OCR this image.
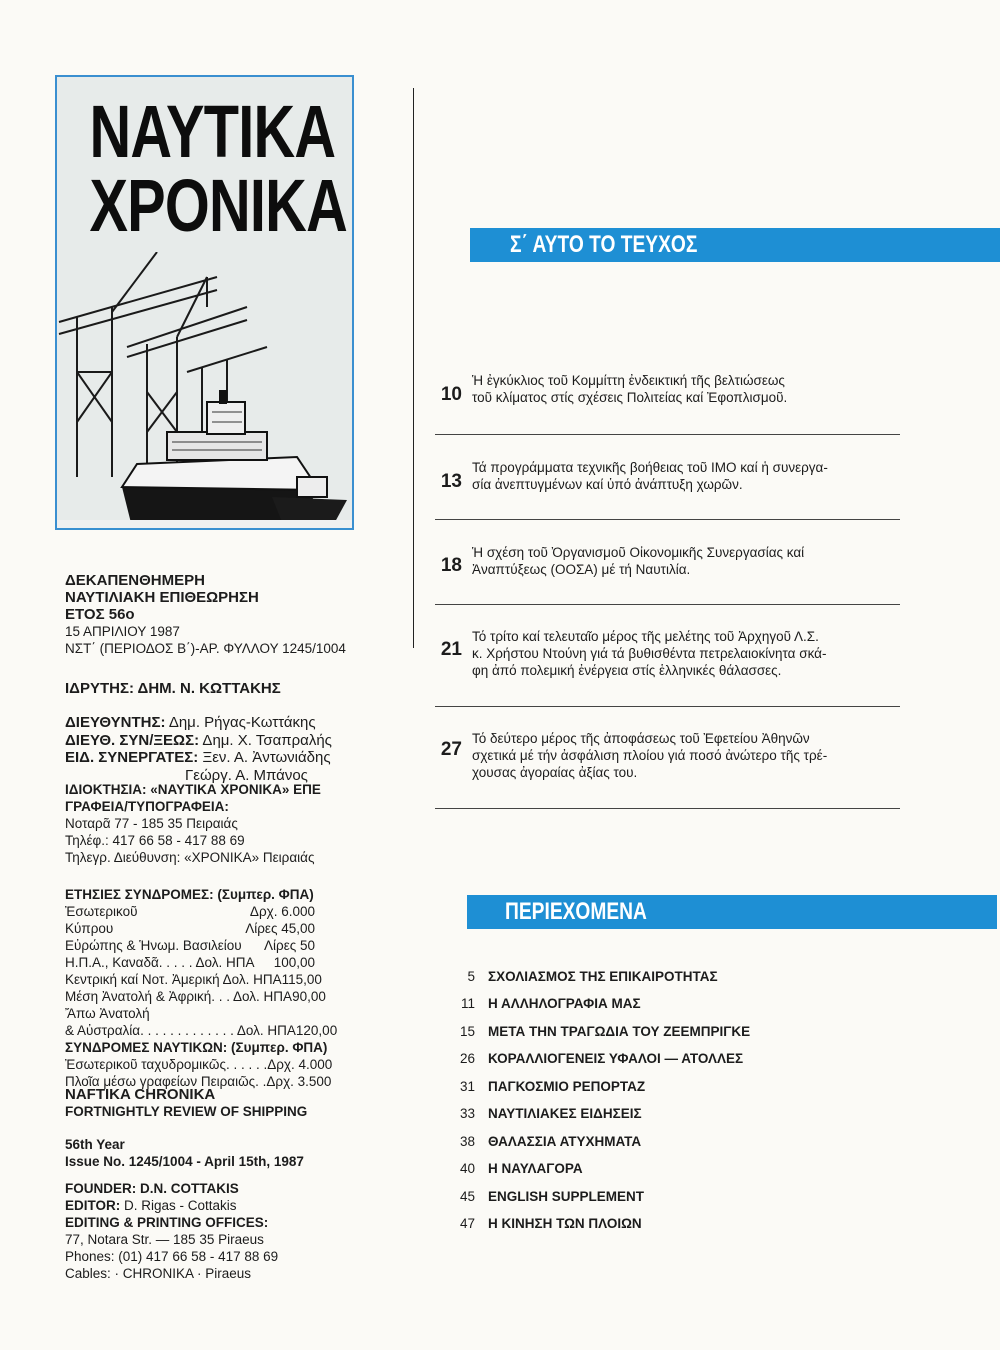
ΝΑΥΤΙΚΑ
ΧΡΟΝΙΚΑ
ΔΕΚΑΠΕΝΘΗΜΕΡΗ
ΝΑΥΤΙΛΙΑΚΗ ΕΠΙΘΕΩΡΗΣΗ
ΕΤΟΣ 56ο
15 ΑΠΡΙΛΙΟΥ 1987
ΝΣΤ΄ (ΠΕΡΙΟΔΟΣ Β΄)-ΑΡ. ΦΥΛΛΟΥ 1245/1004
ΙΔΡΥΤΗΣ: ΔΗΜ. Ν. ΚΩΤΤΑΚΗΣ
ΔΙΕΥΘΥΝΤΗΣ: Δημ. Ρήγας-Κωττάκης
ΔΙΕΥΘ. ΣΥΝ/ΞΕΩΣ: Δημ. Χ. Τσαπραλής
ΕΙΔ. ΣΥΝΕΡΓΑΤΕΣ: Ξεν. Α. Ἀντωνιάδης
Γεώργ. Α. Μπάνος
ΙΔΙΟΚΤΗΣΙΑ: «ΝΑΥΤΙΚΑ ΧΡΟΝΙΚΑ» ΕΠΕ
ΓΡΑΦΕΙΑ/ΤΥΠΟΓΡΑΦΕΙΑ:
Νοταρᾶ 77 - 185 35 Πειραιάς
Τηλέφ.: 417 66 58 - 417 88 69
Τηλεγρ. Διεύθυνση: «ΧΡΟΝΙΚΑ» Πειραιάς
ΕΤΗΣΙΕΣ ΣΥΝΔΡΟΜΕΣ: (Συμπερ. ΦΠΑ)
Ἐσωτερικοῦ	Δρχ. 6.000
Κύπρου	Λίρες 45,00
Εὐρώπης & Ἡνωμ. Βασιλείου Λίρες 50
Η.Π.Α., Καναδᾶ. . . . . Δολ. ΗΠΑ 100,00
Κεντρική καί Νοτ. Ἀμερική Δολ. ΗΠΑ 115,00
Μέση Ἀνατολή & Ἀφρική. . . Δολ. ΗΠΑ 90,00
Ἄπω Ἀνατολή
& Αὐστραλία. . . . . . . . . . . . . Δολ. ΗΠΑ 120,00
ΣΥΝΔΡΟΜΕΣ ΝΑΥΤΙΚΩΝ: (Συμπερ. ΦΠΑ)
Ἐσωτερικοῦ ταχυδρομικῶς. . . . . . Δρχ. 4.000
Πλοῖα μέσω γραφείων Πειραιῶς. . Δρχ. 3.500
NAFTIKA CHRONIKA
FORTNIGHTLY REVIEW OF SHIPPING
56th Year
Issue No. 1245/1004 - April 15th, 1987
FOUNDER: D.N. COTTAKIS
EDITOR: D. Rigas - Cottakis
EDITING & PRINTING OFFICES:
77, Notara Str. — 185 35 Piraeus
Phones: (01) 417 66 58 - 417 88 69
Cables: · CHRONIKA · Piraeus
Σ΄ ΑΥΤΟ ΤΟ ΤΕΥΧΟΣ
10
Ἡ ἐγκύκλιος τοῦ Κομμίττη ἐνδεικτική τῆς βελτιώσεως
τοῦ κλίματος στίς σχέσεις Πολιτείας καί Ἐφοπλισμοῦ.
13
Τά προγράμματα τεχνικῆς βοήθειας τοῦ ΙΜΟ καί ἡ συνεργα-
σία ἀνεπτυγμένων καί ὑπό ἀνάπτυξη χωρῶν.
18
Ἡ σχέση τοῦ Ὀργανισμοῦ Οἰκονομικῆς Συνεργασίας καί
Ἀναπτύξεως (ΟΟΣΑ) μέ τή Ναυτιλία.
21
Τό τρίτο καί τελευταῖο μέρος τῆς μελέτης τοῦ Ἀρχηγοῦ Λ.Σ.
κ. Χρήστου Ντούνη γιά τά βυθισθέντα πετρελαιοκίνητα σκά-
φη ἀπό πολεμική ἐνέργεια στίς ἑλληνικές θάλασσες.
27
Τό δεύτερο μέρος τῆς ἀποφάσεως τοῦ Ἐφετείου Ἀθηνῶν
σχετικά μέ τήν ἀσφάλιση πλοίου γιά ποσό ἀνώτερο τῆς τρέ-
χουσας ἀγοραίας ἀξίας του.
ΠΕΡΙΕΧΟΜΕΝΑ
5 ΣΧΟΛΙΑΣΜΟΣ ΤΗΣ ΕΠΙΚΑΙΡΟΤΗΤΑΣ
11 Η ΑΛΛΗΛΟΓΡΑΦΙΑ ΜΑΣ
15 ΜΕΤΑ ΤΗΝ ΤΡΑΓΩΔΙΑ ΤΟΥ ΖΕΕΜΠΡΙΓΚΕ
26 ΚΟΡΑΛΛΙΟΓΕΝΕΙΣ ΥΦΑΛΟΙ — ΑΤΟΛΛΕΣ
31 ΠΑΓΚΟΣΜΙΟ ΡΕΠΟΡΤΑΖ
33 ΝΑΥΤΙΛΙΑΚΕΣ ΕΙΔΗΣΕΙΣ
38 ΘΑΛΑΣΣΙΑ ΑΤΥΧΗΜΑΤΑ
40 Η ΝΑΥΛΑΓΟΡΑ
45 ENGLISH SUPPLEMENT
47 Η ΚΙΝΗΣΗ ΤΩΝ ΠΛΟΙΩΝ
